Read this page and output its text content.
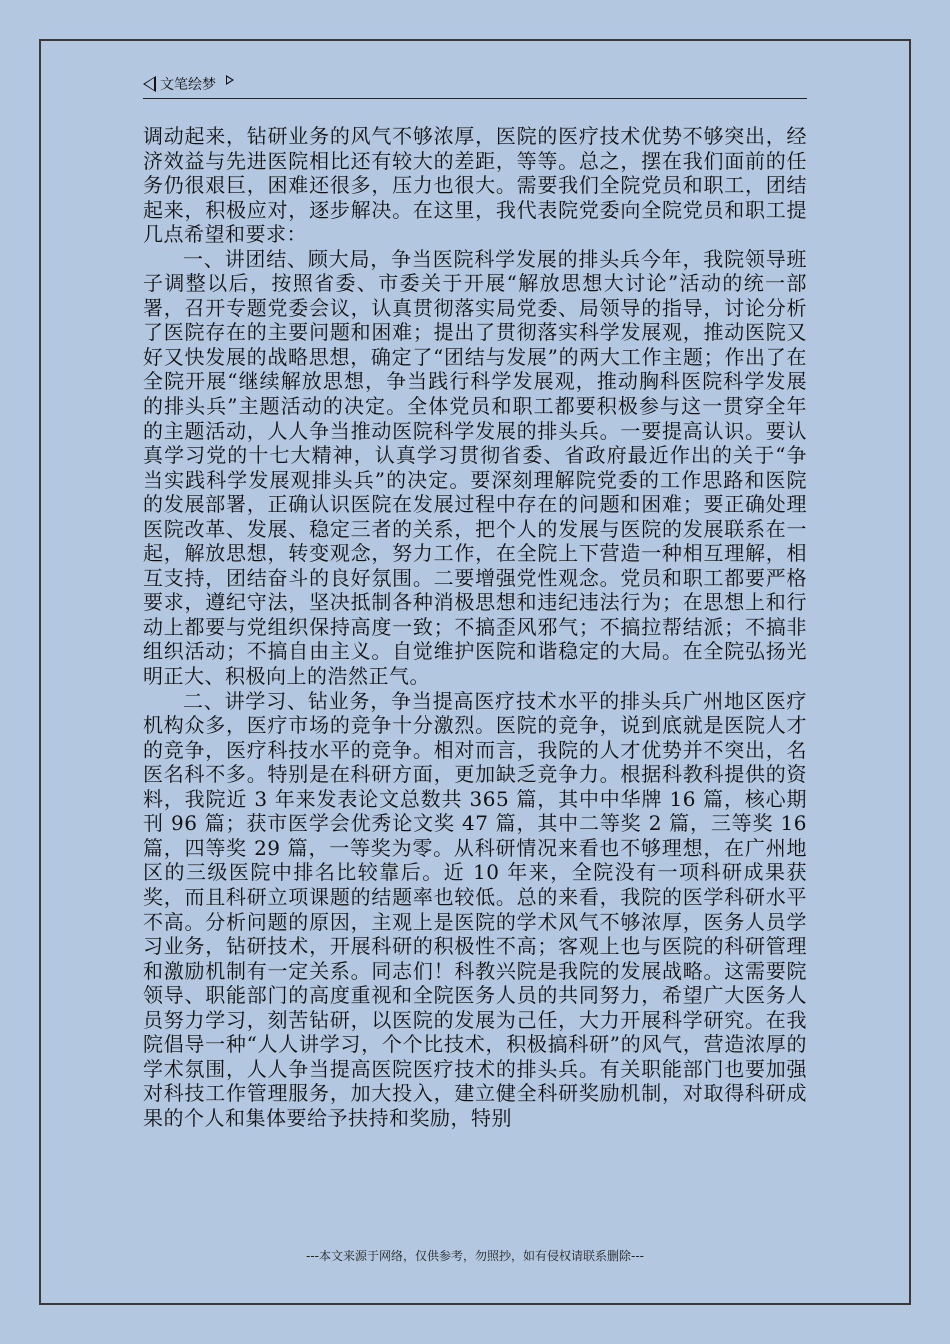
文笔绘梦

调动起来，钻研业务的风气不够浓厚，医院的医疗技术优势不够突出，经济效益与先进医院相比还有较大的差距，等等。总之，摆在我们面前的任务仍很艰巨，困难还很多，压力也很大。需要我们全院党员和职工，团结起来，积极应对，逐步解决。在这里，我代表院党委向全院党员和职工提几点希望和要求：

一、讲团结、顾大局，争当医院科学发展的排头兵今年，我院领导班子调整以后，按照省委、市委关于开展“解放思想大讨论”活动的统一部署，召开专题党委会议，认真贯彻落实局党委、局领导的指导，讨论分析了医院存在的主要问题和困难；提出了贯彻落实科学发展观，推动医院又好又快发展的战略思想，确定了“团结与发展”的两大工作主题；作出了在全院开展“继续解放思想，争当践行科学发展观，推动胸科医院科学发展的排头兵”主题活动的决定。全体党员和职工都要积极参与这一贯穿全年的主题活动，人人争当推动医院科学发展的排头兵。一要提高认识。要认真学习党的十七大精神，认真学习贯彻省委、省政府最近作出的关于“争当实践科学发展观排头兵”的决定。要深刻理解院党委的工作思路和医院的发展部署，正确认识医院在发展过程中存在的问题和困难；要正确处理医院改革、发展、稳定三者的关系，把个人的发展与医院的发展联系在一起，解放思想，转变观念，努力工作，在全院上下营造一种相互理解，相互支持，团结奋斗的良好氛围。二要增强党性观念。党员和职工都要严格要求，遵纪守法，坚决抵制各种消极思想和违纪违法行为；在思想上和行动上都要与党组织保持高度一致；不搞歪风邪气；不搞拉帮结派；不搞非组织活动；不搞自由主义。自觉维护医院和谐稳定的大局。在全院弘扬光明正大、积极向上的浩然正气。

二、讲学习、钻业务，争当提高医疗技术水平的排头兵广州地区医疗机构众多，医疗市场的竞争十分激烈。医院的竞争，说到底就是医院人才的竞争，医疗科技水平的竞争。相对而言，我院的人才优势并不突出，名医名科不多。特别是在科研方面，更加缺乏竞争力。根据科教科提供的资料，我院近 3 年来发表论文总数共 365 篇，其中中华牌 16 篇，核心期刊 96 篇；获市医学会优秀论文奖 47 篇，其中二等奖 2 篇，三等奖 16 篇，四等奖 29 篇，一等奖为零。从科研情况来看也不够理想，在广州地区的三级医院中排名比较靠后。近 10 年来，全院没有一项科研成果获奖，而且科研立项课题的结题率也较低。总的来看，我院的医学科研水平不高。分析问题的原因，主观上是医院的学术风气不够浓厚，医务人员学习业务，钻研技术，开展科研的积极性不高；客观上也与医院的科研管理和激励机制有一定关系。同志们！科教兴院是我院的发展战略。这需要院领导、职能部门的高度重视和全院医务人员的共同努力，希望广大医务人员努力学习，刻苦钻研，以医院的发展为己任，大力开展科学研究。在我院倡导一种“人人讲学习，个个比技术，积极搞科研”的风气，营造浓厚的学术氛围，人人争当提高医院医疗技术的排头兵。有关职能部门也要加强对科技工作管理服务，加大投入，建立健全科研奖励机制，对取得科研成果的个人和集体要给予扶持和奖励，特别

---本文来源于网络，仅供参考，勿照抄，如有侵权请联系删除---
